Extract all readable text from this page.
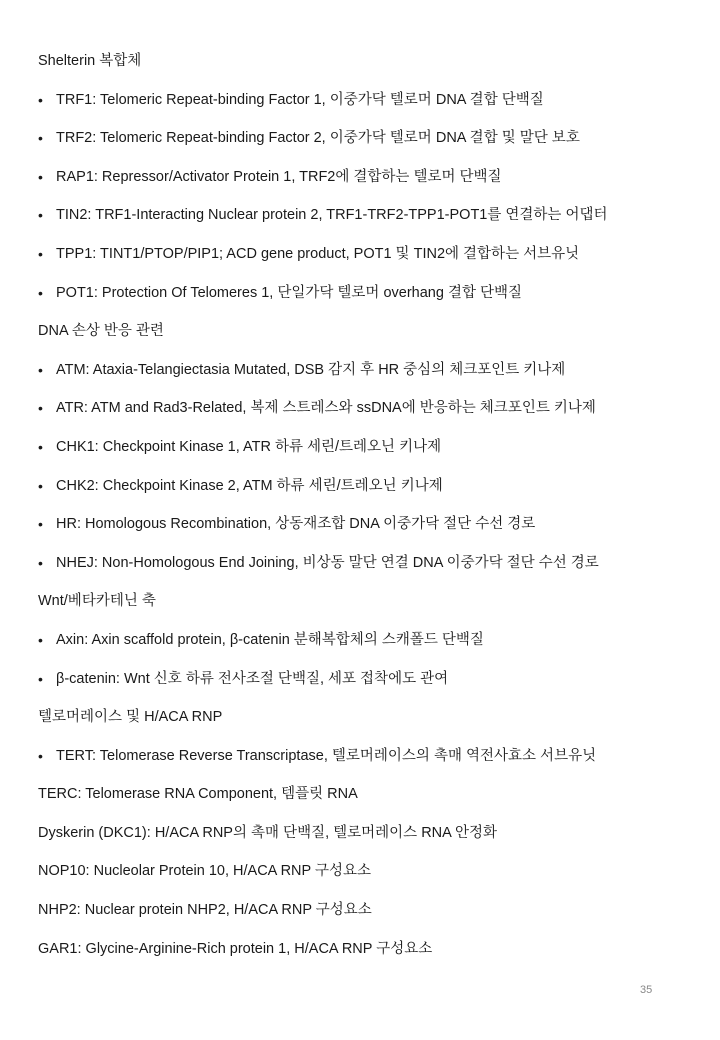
Shelterin 복합체
• TRF1: Telomeric Repeat-binding Factor 1, 이중가닥 텔로머 DNA 결합 단백질
• TRF2: Telomeric Repeat-binding Factor 2, 이중가닥 텔로머 DNA 결합 및 말단 보호
• RAP1: Repressor/Activator Protein 1, TRF2에 결합하는 텔로머 단백질
• TIN2: TRF1-Interacting Nuclear protein 2, TRF1-TRF2-TPP1-POT1를 연결하는 어댑터
• TPP1: TINT1/PTOP/PIP1; ACD gene product, POT1 및 TIN2에 결합하는 서브유닛
• POT1: Protection Of Telomeres 1, 단일가닥 텔로머 overhang 결합 단백질
DNA 손상 반응 관련
• ATM: Ataxia-Telangiectasia Mutated, DSB 감지 후 HR 중심의 체크포인트 키나제
• ATR: ATM and Rad3-Related, 복제 스트레스와 ssDNA에 반응하는 체크포인트 키나제
• CHK1: Checkpoint Kinase 1, ATR 하류 세린/트레오닌 키나제
• CHK2: Checkpoint Kinase 2, ATM 하류 세린/트레오닌 키나제
• HR: Homologous Recombination, 상동재조합 DNA 이중가닥 절단 수선 경로
• NHEJ: Non-Homologous End Joining, 비상동 말단 연결 DNA 이중가닥 절단 수선 경로
Wnt/베타카테닌 축
• Axin: Axin scaffold protein, β-catenin 분해복합체의 스캐폴드 단백질
• β-catenin: Wnt 신호 하류 전사조절 단백질, 세포 접착에도 관여
텔로머레이스 및 H/ACA RNP
• TERT: Telomerase Reverse Transcriptase, 텔로머레이스의 촉매 역전사효소 서브유닛
TERC: Telomerase RNA Component, 템플릿 RNA
Dyskerin (DKC1): H/ACA RNP의 촉매 단백질, 텔로머레이스 RNA 안정화
NOP10: Nucleolar Protein 10, H/ACA RNP 구성요소
NHP2: Nuclear protein NHP2, H/ACA RNP 구성요소
GAR1: Glycine-Arginine-Rich protein 1, H/ACA RNP 구성요소
35
